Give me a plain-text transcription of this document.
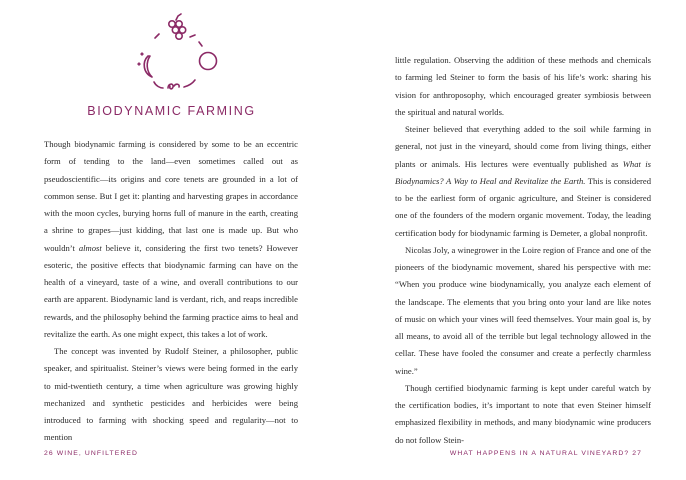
BIODYNAMIC FARMING

Though biodynamic farming is considered by some to be an eccentric form of tending to the land—even sometimes called out as pseudoscientific—its origins and core tenets are grounded in a lot of common sense. But I get it: planting and harvesting grapes in accordance with the moon cycles, burying horns full of manure in the earth, creating a shrine to grapes—just kidding, that last one is made up. But who wouldn’t almost believe it, considering the first two tenets? However esoteric, the positive effects that biodynamic farming can have on the health of a vineyard, taste of a wine, and overall contributions to our earth are apparent. Biodynamic land is verdant, rich, and reaps incredible rewards, and the philosophy behind the farming practice aims to heal and revitalize the earth. As one might expect, this takes a lot of work.

The concept was invented by Rudolf Steiner, a philosopher, public speaker, and spiritualist. Steiner’s views were being formed in the early to mid-twentieth century, a time when agriculture was growing highly mechanized and synthetic pesticides and herbicides were being introduced to farming with shocking speed and regularity—not to mention

26 WINE, UNFILTERED

little regulation. Observing the addition of these methods and chemicals to farming led Steiner to form the basis of his life’s work: sharing his vision for anthroposophy, which encouraged greater symbiosis between the spiritual and natural worlds.

Steiner believed that everything added to the soil while farming in general, not just in the vineyard, should come from living things, either plants or animals. His lectures were eventually published as What is Biodynamics? A Way to Heal and Revitalize the Earth. This is considered to be the earliest form of organic agriculture, and Steiner is considered one of the founders of the modern organic movement. Today, the leading certification body for biodynamic farming is Demeter, a global nonprofit.

Nicolas Joly, a winegrower in the Loire region of France and one of the pioneers of the biodynamic movement, shared his perspective with me: “When you produce wine biodynamically, you analyze each element of the landscape. The elements that you bring onto your land are like notes of music on which your vines will feed themselves. Your main goal is, by all means, to avoid all of the terrible but legal technology allowed in the cellar. These have fooled the consumer and create a perfectly charmless wine.”

Though certified biodynamic farming is kept under careful watch by the certification bodies, it’s important to note that even Steiner himself emphasized flexibility in methods, and many biodynamic wine producers do not follow Stein-

WHAT HAPPENS IN A NATURAL VINEYARD? 27
